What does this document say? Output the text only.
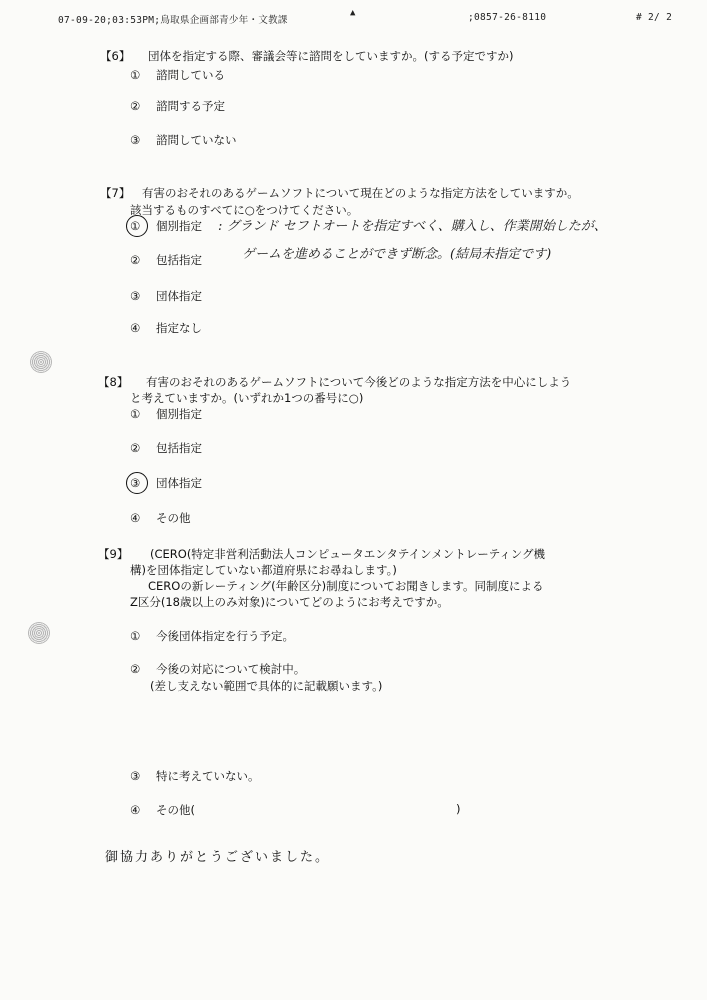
07-09-20;03:53PM;鳥取県企画部青少年・文教課
▲	;0857-26-8110	# 2/ 2
【6】 団体を指定する際、審議会等に諮問をしていますか。(する予定ですか)
① 諮問している
② 諮問する予定
③ 諮問していない
【7】 有害のおそれのあるゲームソフトについて現在どのような指定方法をしていますか。
該当するものすべてに○をつけてください。
① 個別指定 : グランド セフトオートを指定すべく、購入し、作業開始したが、
ゲームを進めることができず断念。(結局未指定です)
② 包括指定
③ 団体指定
④ 指定なし
【8】 有害のおそれのあるゲームソフトについて今後どのような指定方法を中心にしよう
と考えていますか。(いずれか1つの番号に○)
① 個別指定
② 包括指定
③ 団体指定
④ その他
【9】 (CERO(特定非営利活動法人コンピュータエンタテインメントレーティング機
構)を団体指定していない都道府県にお尋ねします。)
CEROの新レーティング(年齢区分)制度についてお聞きします。同制度による
Z区分(18歳以上のみ対象)についてどのようにお考えですか。
① 今後団体指定を行う予定。
② 今後の対応について検討中。
(差し支えない範囲で具体的に記載願います。)
③ 特に考えていない。
④ その他(	)
御協力ありがとうございました。
